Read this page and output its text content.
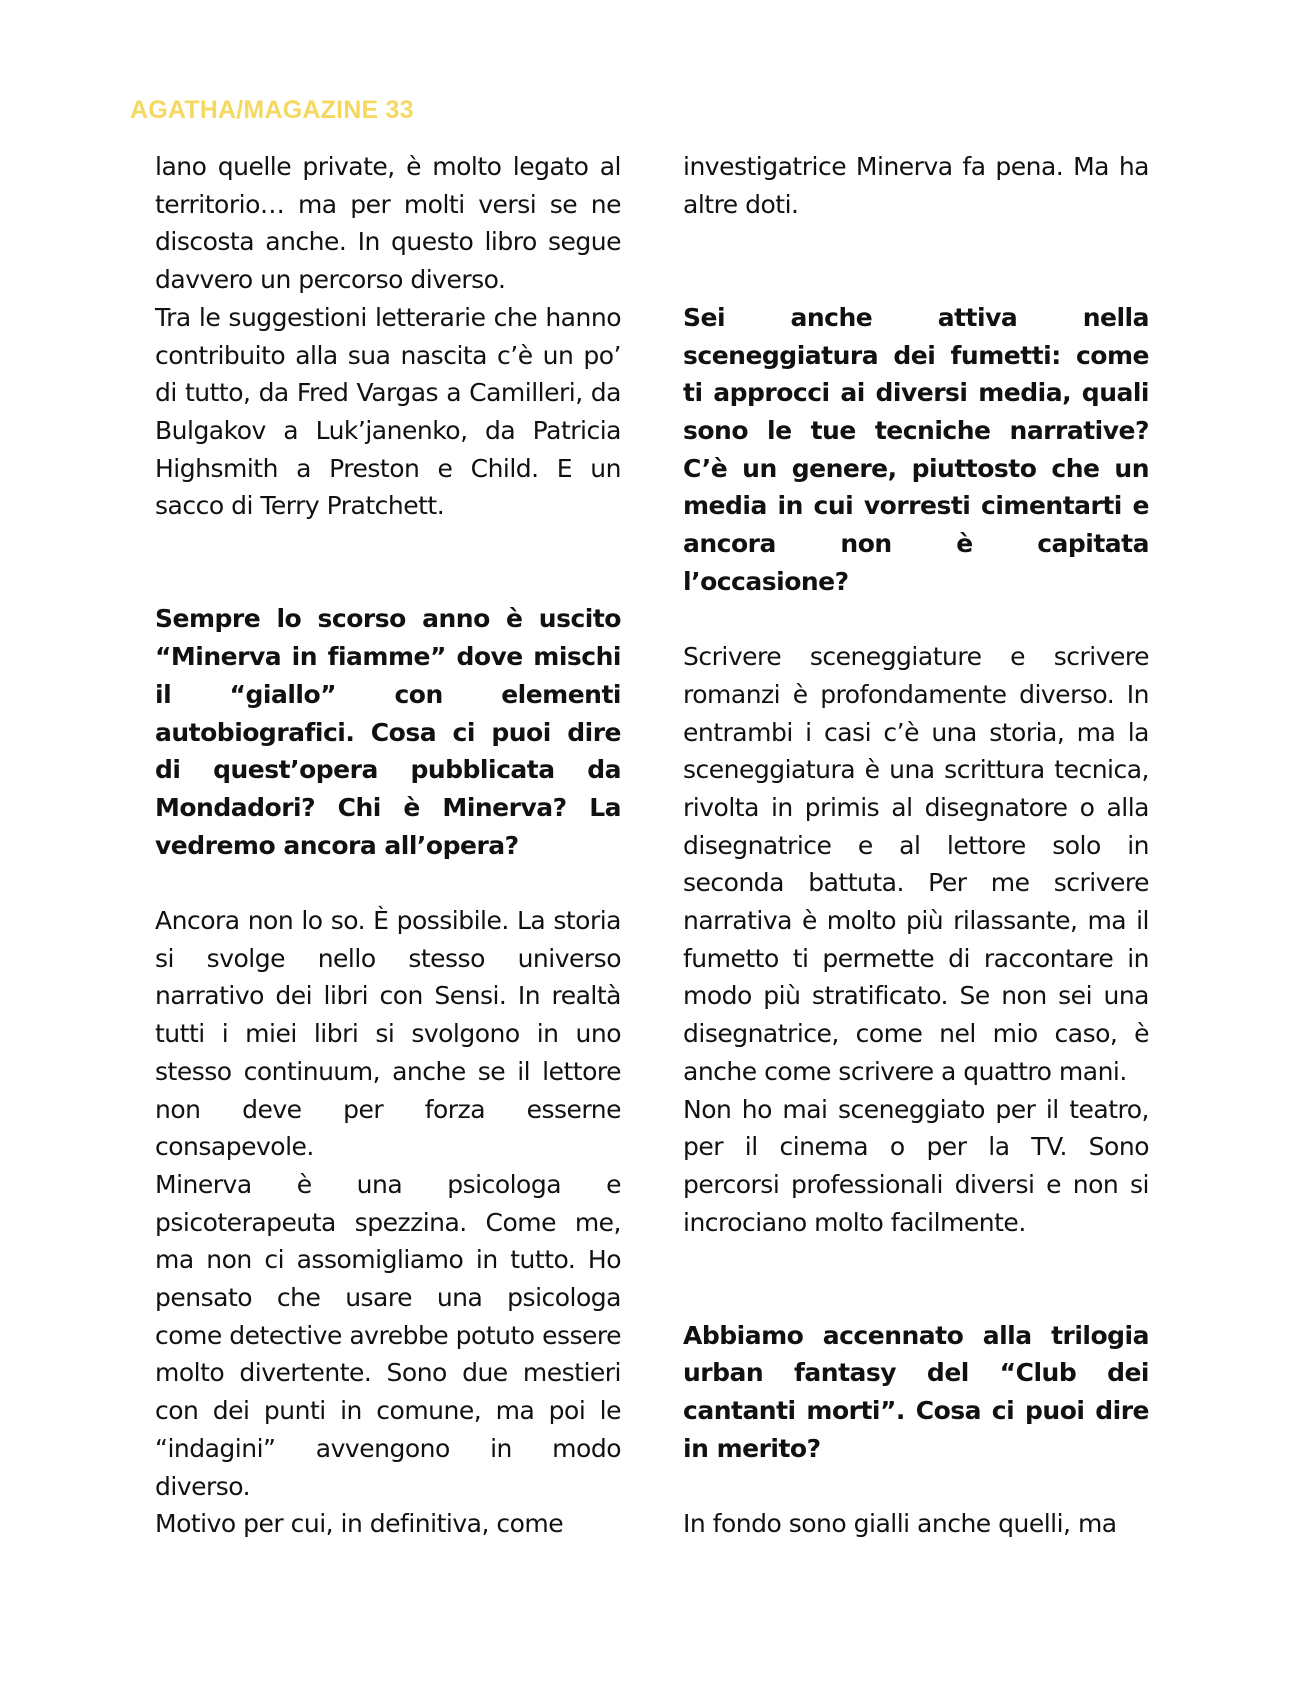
AGATHA/MAGAZINE 33

lano quelle private, è molto legato al territorio… ma per molti versi se ne discosta anche. In questo libro segue davvero un percorso diverso.

Tra le suggestioni letterarie che hanno contribuito alla sua nascita c’è un po’ di tutto, da Fred Vargas a Camilleri, da Bulgakov a Luk’janenko, da Patricia Highsmith a Preston e Child. E un sacco di Terry Pratchett.

Sempre lo scorso anno è uscito “Minerva in fiamme” dove mischi il “giallo” con elementi autobiografici. Cosa ci puoi dire di quest’opera pubblicata da Mondadori? Chi è Minerva? La vedremo ancora all’opera?

Ancora non lo so. È possibile. La storia si svolge nello stesso universo narrativo dei libri con Sensi. In realtà tutti i miei libri si svolgono in uno stesso continuum, anche se il lettore non deve per forza esserne consapevole.

Minerva è una psicologa e psicoterapeuta spezzina. Come me, ma non ci assomigliamo in tutto. Ho pensato che usare una psicologa come detective avrebbe potuto essere molto divertente. Sono due mestieri con dei punti in comune, ma poi le “indagini” avvengono in modo diverso.

Motivo per cui, in definitiva, come

investigatrice Minerva fa pena. Ma ha altre doti.

Sei anche attiva nella sceneggiatura dei fumetti: come ti approcci ai diversi media, quali sono le tue tecniche narrative? C’è un genere, piuttosto che un media in cui vorresti cimentarti e ancora non è capitata l’occasione?

Scrivere sceneggiature e scrivere romanzi è profondamente diverso. In entrambi i casi c’è una storia, ma la sceneggiatura è una scrittura tecnica, rivolta in primis al disegnatore o alla disegnatrice e al lettore solo in seconda battuta. Per me scrivere narrativa è molto più rilassante, ma il fumetto ti permette di raccontare in modo più stratificato. Se non sei una disegnatrice, come nel mio caso, è anche come scrivere a quattro mani.

Non ho mai sceneggiato per il teatro, per il cinema o per la TV. Sono percorsi professionali diversi e non si incrociano molto facilmente.

Abbiamo accennato alla trilogia urban fantasy del “Club dei cantanti morti”. Cosa ci puoi dire in merito?

In fondo sono gialli anche quelli, ma
